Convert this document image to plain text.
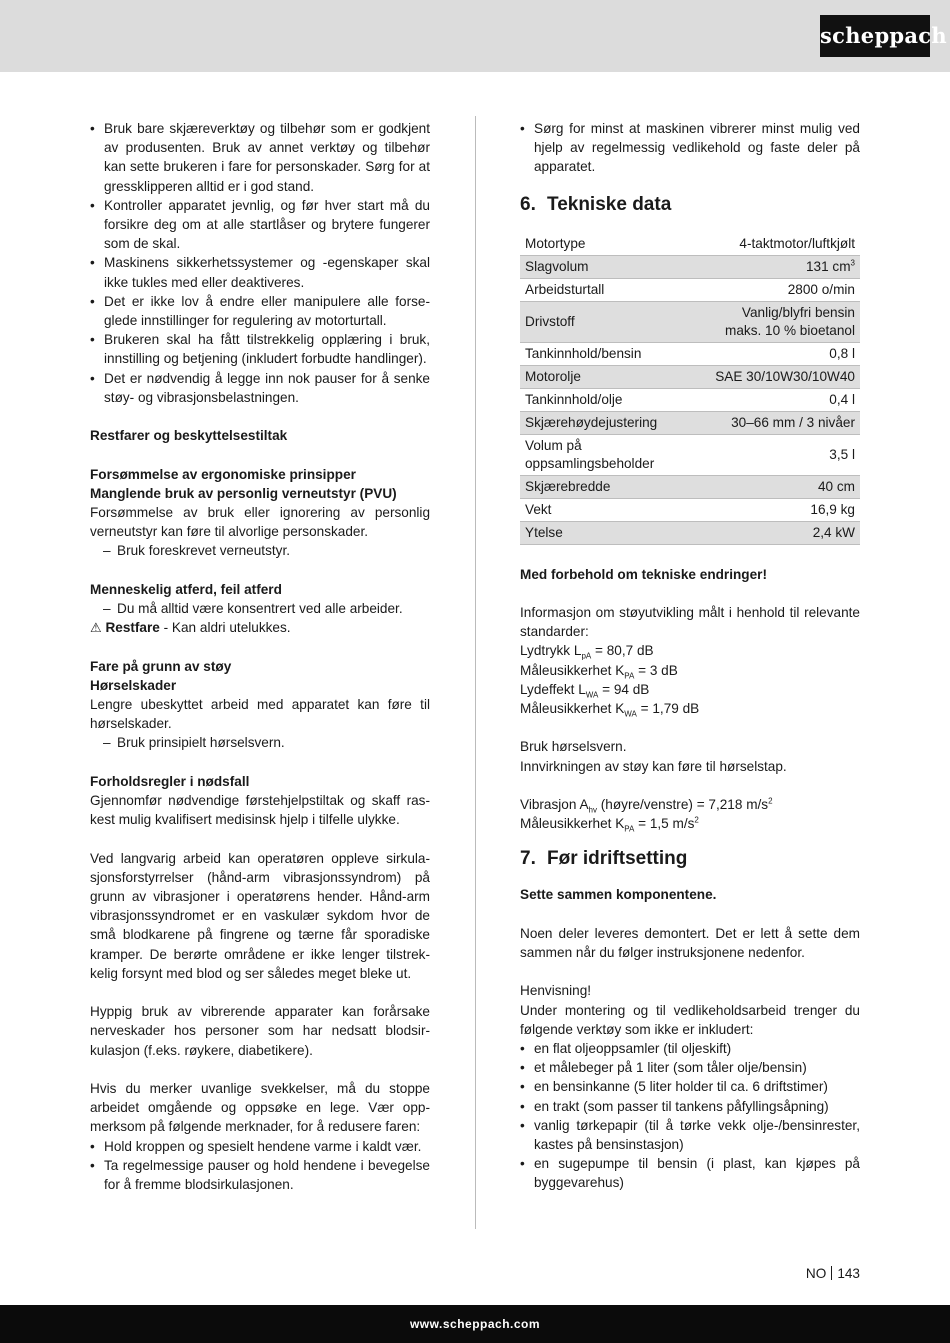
scheppach
• Bruk bare skjæreverktøy og tilbehør som er godkjent av produsenten. Bruk av annet verktøy og tilbehør kan sette brukeren i fare for personskader. Sørg for at gressklipperen alltid er i god stand.
• Kontroller apparatet jevnlig, og før hver start må du forsikre deg om at alle startlåser og brytere fungerer som de skal.
• Maskinens sikkerhetssystemer og -egenskaper skal ikke tukles med eller deaktiveres.
• Det er ikke lov å endre eller manipulere alle forseglede innstillinger for regulering av motorturtall.
• Brukeren skal ha fått tilstrekkelig opplæring i bruk, innstilling og betjening (inkludert forbudte handlinger).
• Det er nødvendig å legge inn nok pauser for å senke støy- og vibrasjonsbelastningen.

Restfarer og beskyttelsestiltak

Forsømmelse av ergonomiske prinsipper

Manglende bruk av personlig verneutstyr (PVU)

Forsømmelse av bruk eller ignorering av personlig verneutstyr kan føre til alvorlige personskader.

– Bruk foreskrevet verneutstyr.

Menneskelig atferd, feil atferd

– Du må alltid være konsentrert ved alle arbeider.

⚠ Restfare - Kan aldri utelukkes.

Fare på grunn av støy

Hørselskader

Lengre ubeskyttet arbeid med apparatet kan føre til hørselskader.

– Bruk prinsipielt hørselsvern.

Forholdsregler i nødsfall

Gjennomfør nødvendige førstehjelpstiltak og skaff raskest mulig kvalifisert medisinsk hjelp i tilfelle ulykke.

Ved langvarig arbeid kan operatøren oppleve sirkulasjonsforstyrrelser (hånd-arm vibrasjonssyndrom) på grunn av vibrasjoner i operatørens hender. Hånd-arm vibrasjonssyndromet er en vaskulær sykdom hvor de små blodkarene på fingrene og tærne får sporadiske kramper. De berørte områdene er ikke lenger tilstrekkelig forsynt med blod og ser således meget bleke ut.

Hyppig bruk av vibrerende apparater kan forårsake nerveskader hos personer som har nedsatt blodsirkulasjon (f.eks. røykere, diabetikere).

Hvis du merker uvanlige svekkelser, må du stoppe arbeidet omgående og oppsøke en lege. Vær oppmerksom på følgende merknader, for å redusere faren:

• Hold kroppen og spesielt hendene varme i kaldt vær.
• Ta regelmessige pauser og hold hendene i bevegelse for å fremme blodsirkulasjonen.
• Sørg for minst at maskinen vibrerer minst mulig ved hjelp av regelmessig vedlikehold og faste deler på apparatet.
6. Tekniske data
Motortype	4-taktmotor/luftkjølt
Slagvolum	131 $cm^3$
Arbeidsturtall	2800 o/min
Drivstoff	Vanlig/blyfri bensin
maks. 10 % bioetanol
Tankinnhold/bensin	0,8 l
Motorolje	SAE 30/10W30/10W40
Tankinnhold/olje	0,4 l
Skjærehøydejustering	30–66 mm / 3 nivåer
Volum på
oppsamlingsbeholder	3,5 l
Skjærebredde	40 cm
Vekt	16,9 kg
Ytelse	2,4 kW

Med forbehold om tekniske endringer!

Informasjon om støyutvikling målt i henhold til relevante standarder:

Lydtrykk $L_{pA} = 80,7$ dB

Måleusikkerhet $K_{PA} = 3$ dB

Lydeffekt $L_{WA} = 94$ dB

Måleusikkerhet $K_{WA} = 1,79$ dB

Bruk hørselsvern.

Innvirkningen av støy kan føre til hørselstap.

Vibrasjon $A_{hv}$ (høyre/venstre) = 7,218 $m/s^2$

Måleusikkerhet $K_{PA} = 1,5$ $m/s^2$

7. Før idriftsetting

Sette sammen komponentene.

Noen deler leveres demontert. Det er lett å sette dem sammen når du følger instruksjonene nedenfor.

Henvisning!

Under montering og til vedlikeholdsarbeid trenger du følgende verktøy som ikke er inkludert:

• en flat oljeoppsamler (til oljeskift)
• et målebeger på 1 liter (som tåler olje/bensin)
• en bensinkanne (5 liter holder til ca. 6 driftstimer)
• en trakt (som passer til tankens påfyllingsåpning)
• vanlig tørkepapir (til å tørke vekk olje-/bensinrester, kastes på bensinstasjon)
• en sugepumpe til bensin (i plast, kan kjøpes på byggevarehus)
NO 143
www.scheppach.com
